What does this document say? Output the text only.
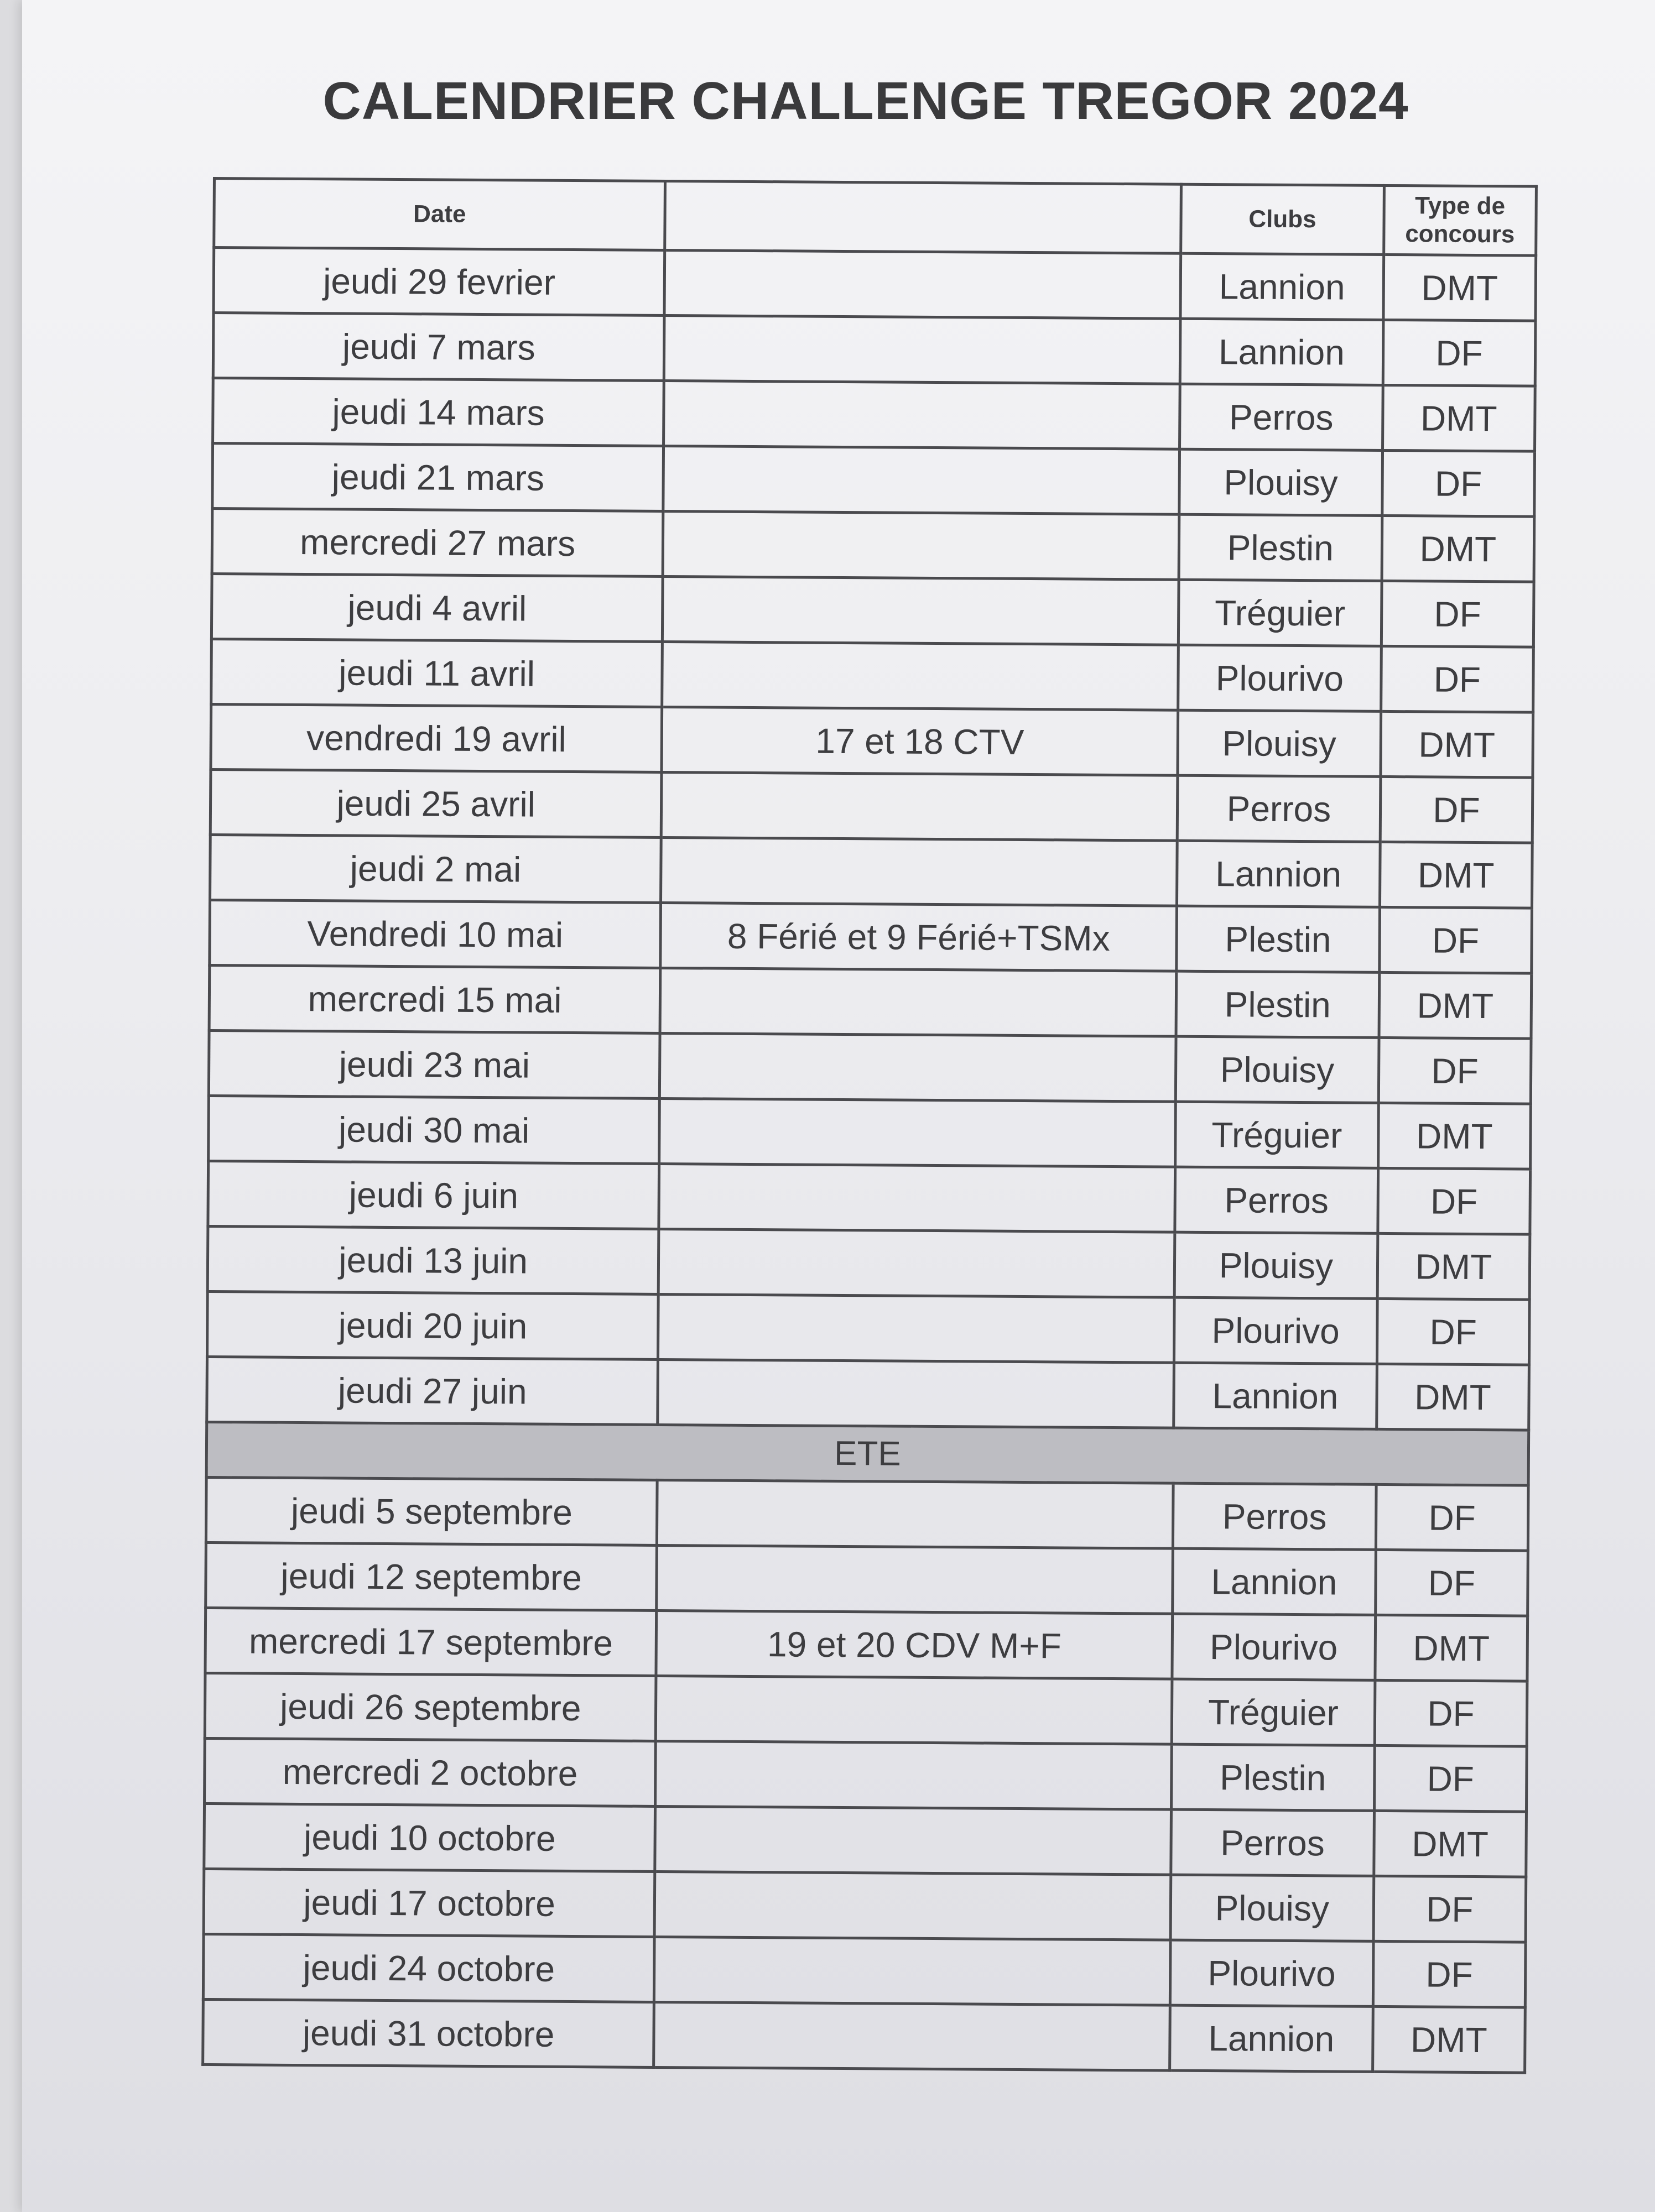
CALENDRIER CHALLENGE TREGOR 2024
Date		Clubs	Type de concours
jeudi 29 fevrier		Lannion	DMT
jeudi 7 mars		Lannion	DF
jeudi 14 mars		Perros	DMT
jeudi 21 mars		Plouisy	DF
mercredi 27 mars		Plestin	DMT
jeudi 4 avril		Tréguier	DF
jeudi 11 avril		Plourivo	DF
vendredi 19 avril	17 et 18 CTV	Plouisy	DMT
jeudi 25 avril		Perros	DF
jeudi 2 mai		Lannion	DMT
Vendredi 10 mai	8 Férié et 9 Férié+TSMx	Plestin	DF
mercredi 15 mai		Plestin	DMT
jeudi 23 mai		Plouisy	DF
jeudi 30 mai		Tréguier	DMT
jeudi 6 juin		Perros	DF
jeudi 13 juin		Plouisy	DMT
jeudi 20 juin		Plourivo	DF
jeudi 27 juin		Lannion	DMT
ETE			
jeudi 5 septembre		Perros	DF
jeudi 12 septembre		Lannion	DF
mercredi 17 septembre	19 et 20 CDV M+F	Plourivo	DMT
jeudi 26 septembre		Tréguier	DF
mercredi 2 octobre		Plestin	DF
jeudi 10 octobre		Perros	DMT
jeudi 17 octobre		Plouisy	DF
jeudi 24 octobre		Plourivo	DF
jeudi 31 octobre		Lannion	DMT
